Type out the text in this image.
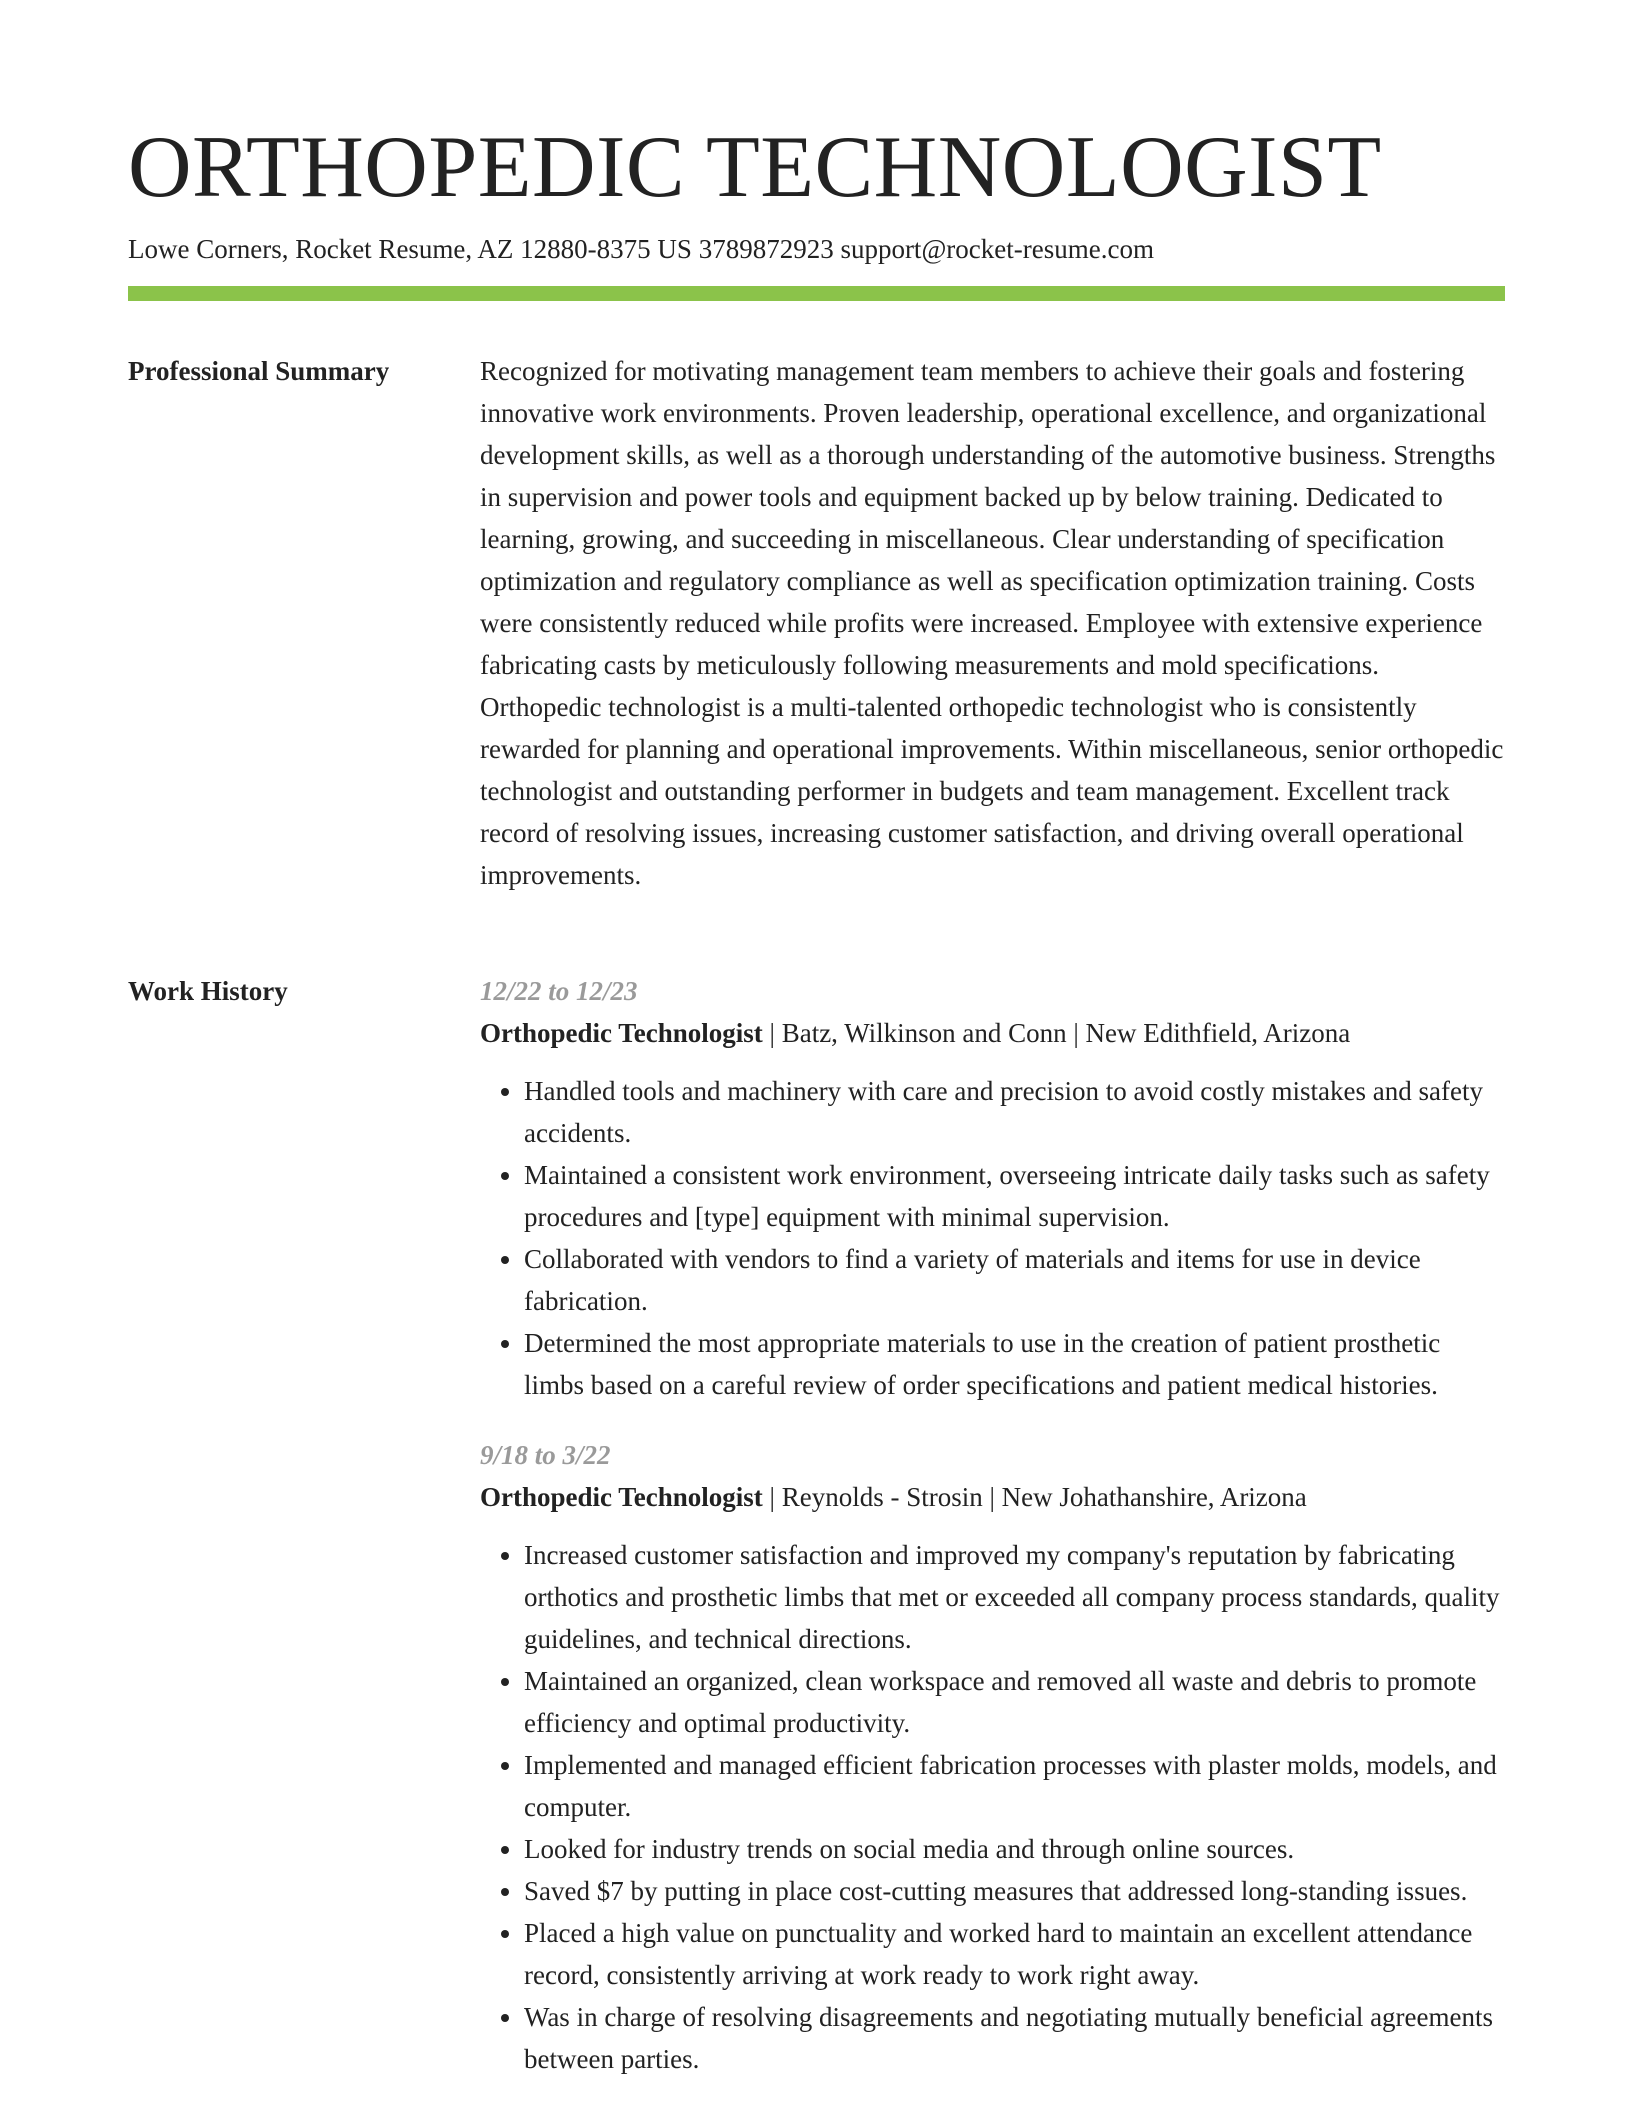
ORTHOPEDIC TECHNOLOGIST
Lowe Corners, Rocket Resume, AZ 12880-8375 US 3789872923 support@rocket-resume.com
Professional Summary	Recognized for motivating management team members to achieve their goals and fostering innovative work environments. Proven leadership, operational excellence, and organizational development skills, as well as a thorough understanding of the automotive business. Strengths in supervision and power tools and equipment backed up by below training. Dedicated to learning, growing, and succeeding in miscellaneous. Clear understanding of specification optimization and regulatory compliance as well as specification optimization training. Costs were consistently reduced while profits were increased. Employee with extensive experience fabricating casts by meticulously following measurements and mold specifications. Orthopedic technologist is a multi-talented orthopedic technologist who is consistently rewarded for planning and operational improvements. Within miscellaneous, senior orthopedic technologist and outstanding performer in budgets and team management. Excellent track record of resolving issues, increasing customer satisfaction, and driving overall operational improvements.

Work History	12/22 to 12/23
Orthopedic Technologist | Batz, Wilkinson and Conn | New Edithfield, Arizona
• Handled tools and machinery with care and precision to avoid costly mistakes and safety accidents.
• Maintained a consistent work environment, overseeing intricate daily tasks such as safety procedures and [type] equipment with minimal supervision.
• Collaborated with vendors to find a variety of materials and items for use in device fabrication.
• Determined the most appropriate materials to use in the creation of patient prosthetic limbs based on a careful review of order specifications and patient medical histories.
9/18 to 3/22
Orthopedic Technologist | Reynolds - Strosin | New Johathanshire, Arizona
• Increased customer satisfaction and improved my company's reputation by fabricating orthotics and prosthetic limbs that met or exceeded all company process standards, quality guidelines, and technical directions.
• Maintained an organized, clean workspace and removed all waste and debris to promote efficiency and optimal productivity.
• Implemented and managed efficient fabrication processes with plaster molds, models, and computer.
• Looked for industry trends on social media and through online sources.
• Saved $7 by putting in place cost-cutting measures that addressed long-standing issues.
• Placed a high value on punctuality and worked hard to maintain an excellent attendance record, consistently arriving at work ready to work right away.
• Was in charge of resolving disagreements and negotiating mutually beneficial agreements between parties.
